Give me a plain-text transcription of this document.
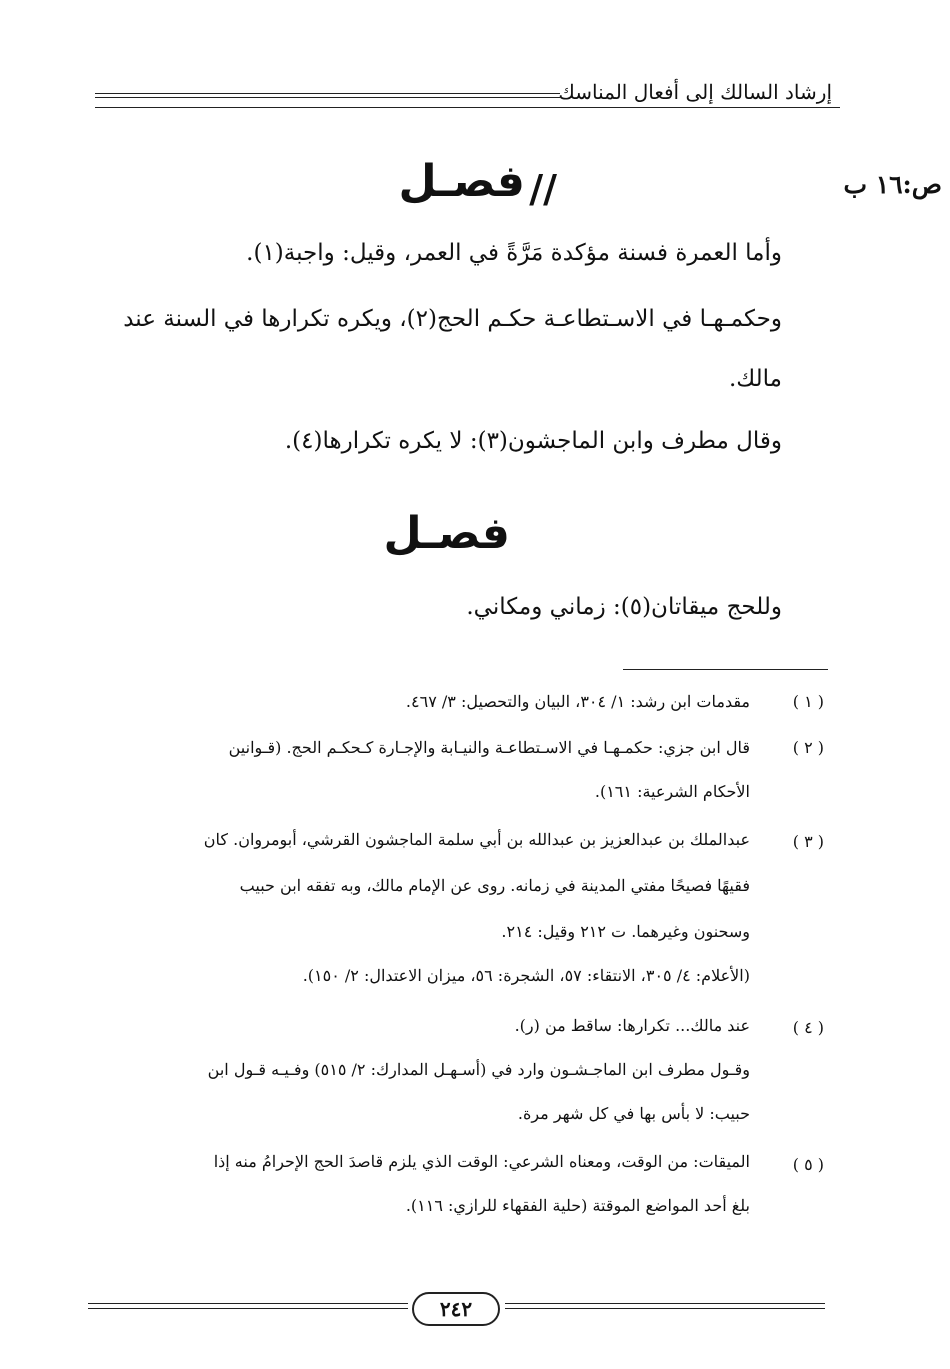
إرشاد السالك إلى أفعال المناسك
ص:١٦ ب
فصـل //
وأما العمرة فسنة مؤكدة مَرَّةً في العمر، وقيل: واجبة(١).
وحكمـهـا في الاسـتطاعـة حكـم الحج(٢)، ويكره تكرارها في السنة عند
مالك.
وقال مطرف وابن الماجشون(٣): لا يكره تكرارها(٤).
فصـل
وللحج ميقاتان(٥): زماني ومكاني.
( ١ )
مقدمات ابن رشد: ١/ ٣٠٤، البيان والتحصيل: ٣/ ٤٦٧.
( ٢ )
قال ابن جزي: حكمـهـا في الاسـتطاعـة والنيـابة والإجـارة كـحكـم الحج. (قـوانين
الأحكام الشرعية: ١٦١).
( ٣ )
عبدالملك بن عبدالعزيز بن عبدالله بن أبي سلمة الماجشون القرشي، أبومروان. كان
فقيهًا فصيحًا مفتي المدينة في زمانه. روى عن الإمام مالك، وبه تفقه ابن حبيب
وسحنون وغيرهما. ت ٢١٢ وقيل: ٢١٤.
(الأعلام: ٤/ ٣٠٥، الانتقاء: ٥٧، الشجرة: ٥٦، ميزان الاعتدال: ٢/ ١٥٠).
( ٤ )
عند مالك... تكرارها: ساقط من (ر).
وقـول مطرف ابن الماجـشـون وارد في (أسـهـل المدارك: ٢/ ٥١٥) وفـيـه قـول ابن
حبيب: لا بأس بها في كل شهر مرة.
( ٥ )
الميقات: من الوقت، ومعناه الشرعي: الوقت الذي يلزم قاصدَ الحج الإحرامُ منه إذا
بلغ أحد المواضع الموقتة (حلية الفقهاء للرازي: ١١٦).
٢٤٢
